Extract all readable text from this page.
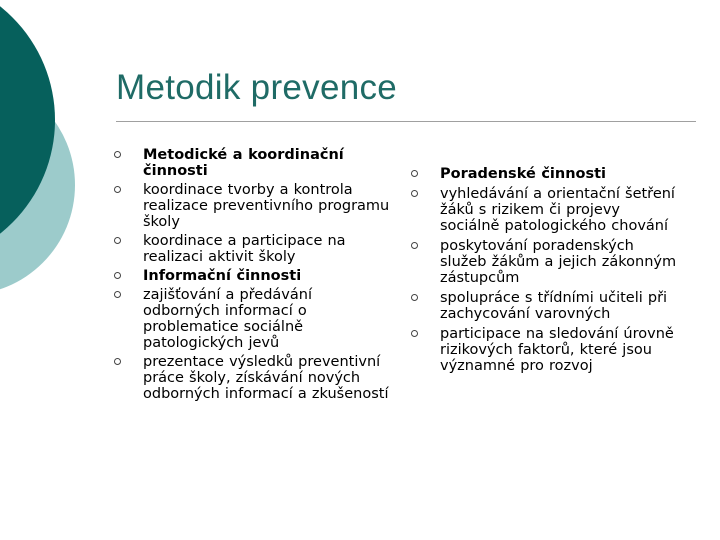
Metodik prevence
Metodické a koordinační činnosti
koordinace tvorby a kontrola realizace preventivního programu školy
koordinace a participace na realizaci aktivit školy
Informační činnosti
zajišťování a předávání odborných informací o problematice sociálně patologických jevů
prezentace výsledků preventivní práce školy, získávání nových odborných informací a zkušeností
Poradenské činnosti
vyhledávání a orientační šetření žáků s rizikem či projevy sociálně patologického chování
poskytování poradenských služeb žákům a jejich zákonným zástupcům
spolupráce s třídními učiteli při zachycování varovných
participace na sledování úrovně rizikových faktorů, které jsou významné pro rozvoj
